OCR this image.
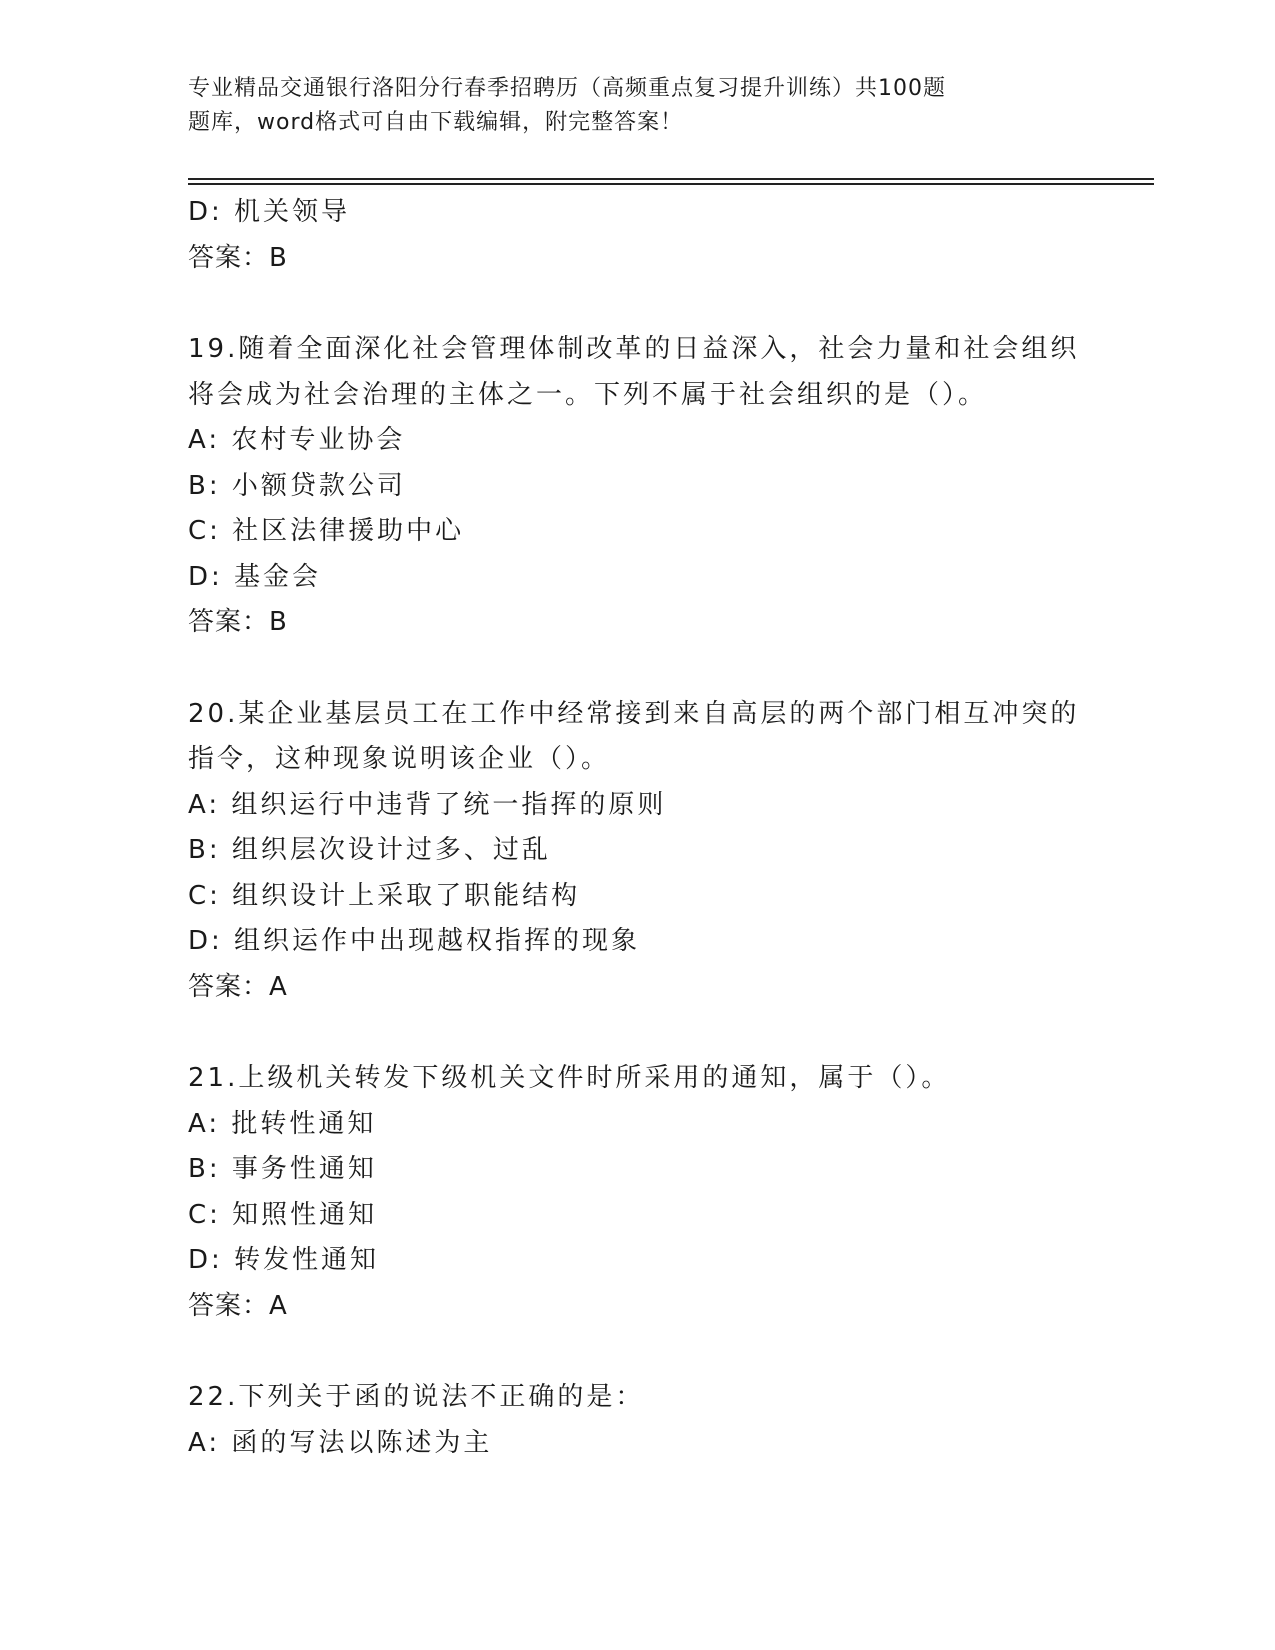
专业精品交通银行洛阳分行春季招聘历（高频重点复习提升训练）共100题
题库，word格式可自由下载编辑，附完整答案！
D: 机关领导
答案：B
19.随着全面深化社会管理体制改革的日益深入，社会力量和社会组织
将会成为社会治理的主体之一。下列不属于社会组织的是（）。
A: 农村专业协会
B: 小额贷款公司
C: 社区法律援助中心
D: 基金会
答案：B
20.某企业基层员工在工作中经常接到来自高层的两个部门相互冲突的
指令，这种现象说明该企业（）。
A: 组织运行中违背了统一指挥的原则
B: 组织层次设计过多、过乱
C: 组织设计上采取了职能结构
D: 组织运作中出现越权指挥的现象
答案：A
21.上级机关转发下级机关文件时所采用的通知，属于（）。
A: 批转性通知
B: 事务性通知
C: 知照性通知
D: 转发性通知
答案：A
22.下列关于函的说法不正确的是：
A: 函的写法以陈述为主
